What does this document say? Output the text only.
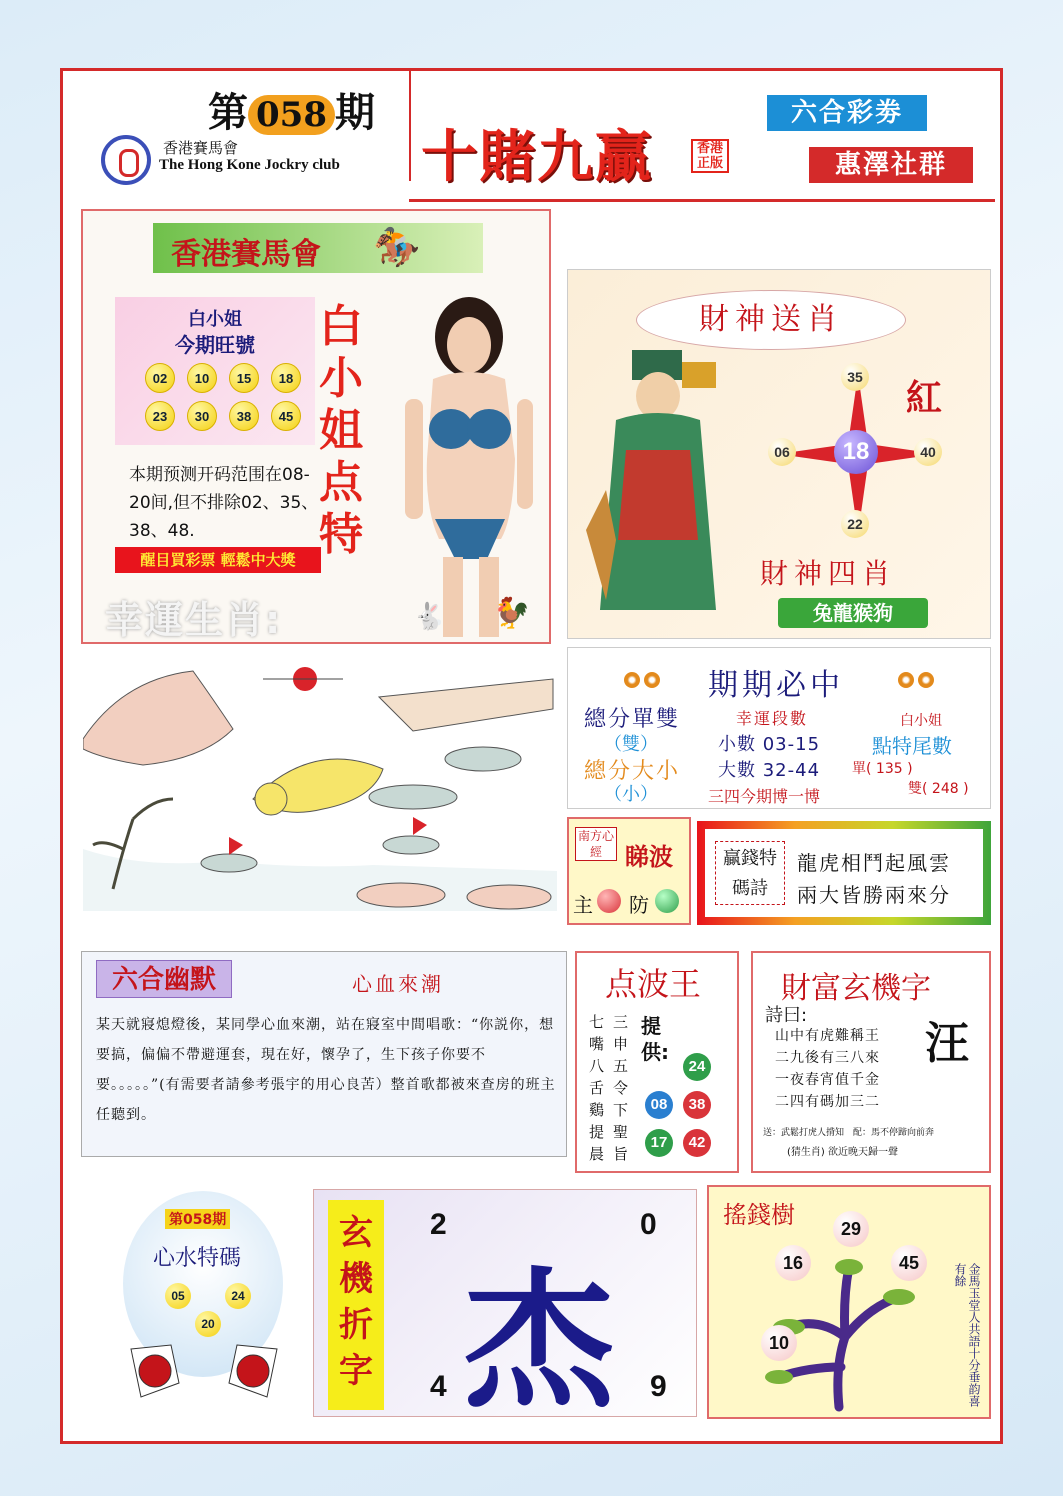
第 058 期
香港賽馬會
The Hong Kone Jockry club 十賭九贏	香港正版
六合彩劵
惠澤社群
香港賽馬會 🏇
白小姐
今期旺號
02	10	15	18
23	30	38	45
本期预测开码范围在08-20间,但不排除02、35、38、48.
醒目買彩票 輕鬆中大獎
幸運生肖:
白小姐点特
🐇 🐓
財神送肖
35
06	18	40
22
紅
財神四肖
兔龍猴狗
期期必中
總分單雙
（雙）
總分大小
（小）
幸運段數
小數 03-15
大數 32-44
三四今期博一博
白小姐
點特尾數
單( 135 )
雙( 248 )
南方心經 睇波
主 防
贏錢特碼詩
龍虎相鬥起風雲
兩大皆勝兩來分
六合幽默	心血來潮
某天就寢熄燈後，某同學心血來潮，站在寢室中間唱歌：“你説你，想要搞，偏偏不帶避運套，現在好，懷孕了，生下孩子你要不要。。。。。”(有需要者請參考張宇的用心良苦）整首歌都被來查房的班主任聽到。
点波王
七嘴八舌鷄提晨
三申五令下聖旨
提供:
24
08	38
17	42
財富玄機字
詩曰:
山中有虎難稱王
二九後有三八來
一夜春宵值千金
二四有碼加三二
汪
送：武鬆打虎人揹知　配：馬不停蹄向前奔
(猜生肖) 欲近晚天歸一聲
第058期
心水特碼
05	24
20
玄機折字
2	0
杰
4	9
搖錢樹	29
16	45
10	金馬玉堂人共語十分垂韵喜有餘
